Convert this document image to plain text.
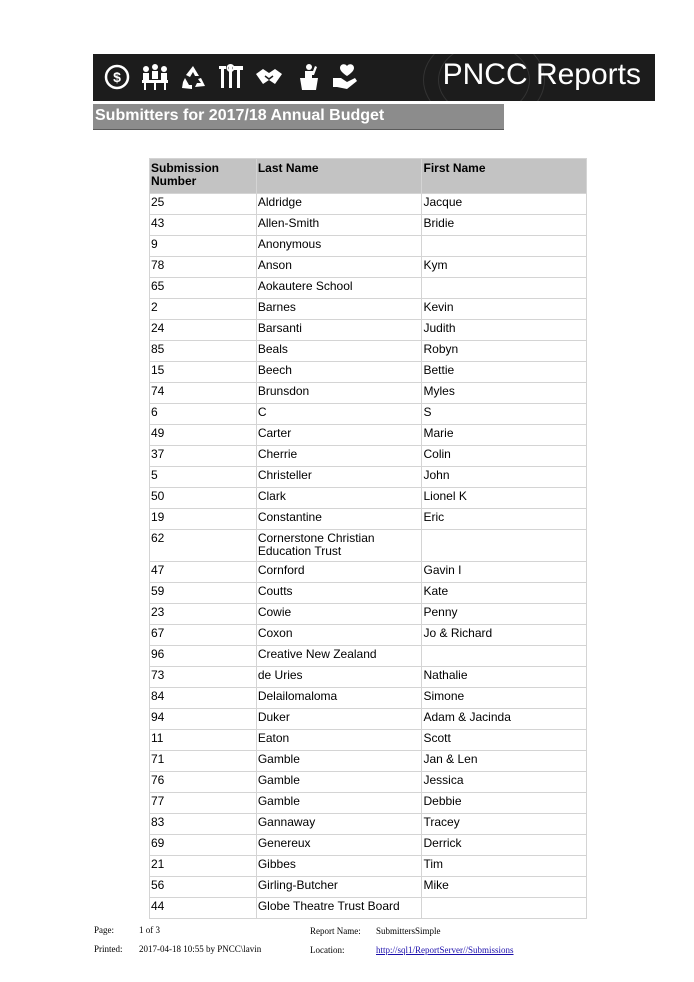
$	PNCC Reports
Submitters for 2017/18 Annual Budget
Submission Number	Last Name	First Name
25	Aldridge	Jacque
43	Allen-Smith	Bridie
9	Anonymous	
78	Anson	Kym
65	Aokautere School	
2	Barnes	Kevin
24	Barsanti	Judith
85	Beals	Robyn
15	Beech	Bettie
74	Brunsdon	Myles
6	C	S
49	Carter	Marie
37	Cherrie	Colin
5	Christeller	John
50	Clark	Lionel K
19	Constantine	Eric
62	Cornerstone Christian Education Trust	
47	Cornford	Gavin I
59	Coutts	Kate
23	Cowie	Penny
67	Coxon	Jo & Richard
96	Creative New Zealand	
73	de Uries	Nathalie
84	Delailomaloma	Simone
94	Duker	Adam & Jacinda
11	Eaton	Scott
71	Gamble	Jan & Len
76	Gamble	Jessica
77	Gamble	Debbie
83	Gannaway	Tracey
69	Genereux	Derrick
21	Gibbes	Tim
56	Girling-Butcher	Mike
44	Globe Theatre Trust Board	
Page:	1 of 3
Printed: 2017-04-18 10:55 by PNCC\lavin
Report Name: SubmittersSimple
Location:	http://sql1/ReportServer//Submissions
